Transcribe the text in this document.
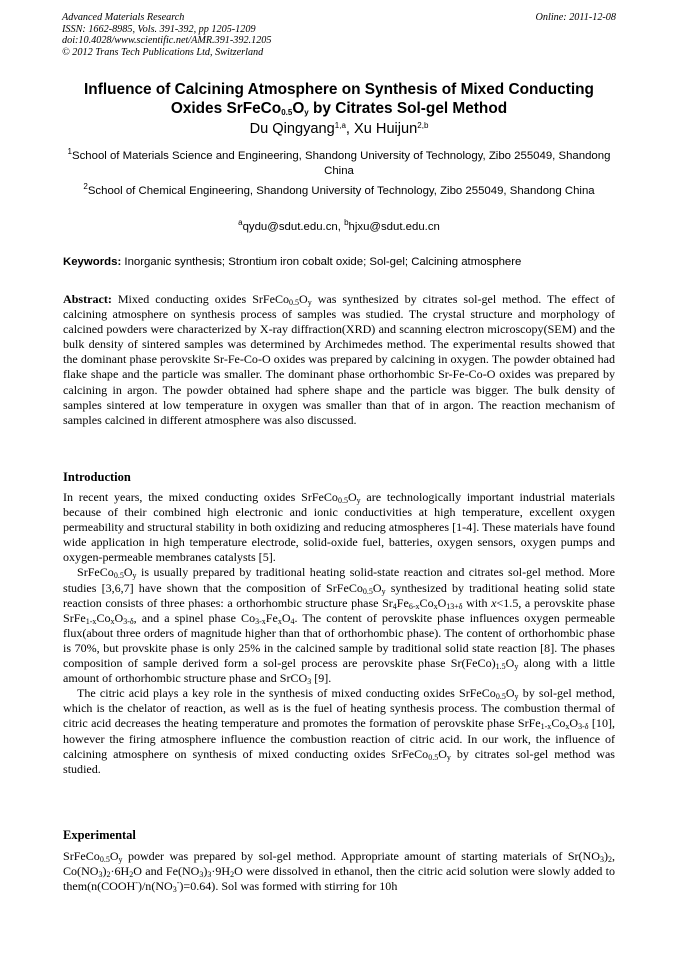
Advanced Materials Research
ISSN: 1662-8985, Vols. 391-392, pp 1205-1209
doi:10.4028/www.scientific.net/AMR.391-392.1205
© 2012 Trans Tech Publications Ltd, Switzerland
Online: 2011-12-08
Influence of Calcining Atmosphere on Synthesis of Mixed Conducting
Oxides $SrFeCo_{0.5}O_y$ by Citrates Sol-gel Method
Du Qingyang$^{1,a}$, Xu Huijun$^{2,b}$
$^1$School of Materials Science and Engineering, Shandong University of Technology, Zibo 255049, Shandong China
$^2$School of Chemical Engineering, Shandong University of Technology, Zibo 255049, Shandong China
$^a$qydu@sdut.edu.cn, $^b$hjxu@sdut.edu.cn
Keywords: Inorganic synthesis; Strontium iron cobalt oxide; Sol-gel; Calcining atmosphere
Abstract: Mixed conducting oxides $SrFeCo_{0.5}O_y$ was synthesized by citrates sol-gel method. The effect of calcining atmosphere on synthesis process of samples was studied. The crystal structure and morphology of calcined powders were characterized by X-ray diffraction(XRD) and scanning electron microscopy(SEM) and the bulk density of sintered samples was determined by Archimedes method. The experimental results showed that the dominant phase perovskite Sr-Fe-Co-O oxides was prepared by calcining in oxygen. The powder obtained had flake shape and the particle was smaller. The dominant phase orthorhombic Sr-Fe-Co-O oxides was prepared by calcining in argon. The powder obtained had sphere shape and the particle was bigger. The bulk density of samples sintered at low temperature in oxygen was smaller than that of in argon. The reaction mechanism of samples calcined in different atmosphere was also discussed.
Introduction

In recent years, the mixed conducting oxides $SrFeCo_{0.5}O_y$ are technologically important industrial materials because of their combined high electronic and ionic conductivities at high temperature, excellent oxygen permeability and structural stability in both oxidizing and reducing atmospheres [1-4]. These materials have found wide application in high temperature electrode, solid-oxide fuel, batteries, oxygen sensors, oxygen pumps and oxygen-permeable membranes catalysts [5].

$SrFeCo_{0.5}O_y$ is usually prepared by traditional heating solid-state reaction and citrates sol-gel method. More studies [3,6,7] have shown that the composition of $SrFeCo_{0.5}O_y$ synthesized by traditional heating solid state reaction consists of three phases: a orthorhombic structure phase $Sr_4Fe_{6-x}Co_xO_{13+\delta}$ with x<1.5, a perovskite phase $SrFe_{1-x}Co_xO_{3-\delta}$, and a spinel phase $Co_{3-x}Fe_xO_4$. The content of perovskite phase influences oxygen permeable flux(about three orders of magnitude higher than that of orthorhombic phase). The content of orthorhombic phase is 70%, but provskite phase is only 25% in the calcined sample by traditional solid state reaction [8]. The phases composition of sample derived form a sol-gel process are perovskite phase $Sr(FeCo)_{1.5}O_y$ along with a little amount of orthorhombic structure phase and SrCO$_3$ [9].

The citric acid plays a key role in the synthesis of mixed conducting oxides $SrFeCo_{0.5}O_y$ by sol-gel method, which is the chelator of reaction, as well as is the fuel of heating synthesis process. The combustion thermal of citric acid decreases the heating temperature and promotes the formation of perovskite phase $SrFe_{1-x}Co_xO_{3-\delta}$ [10], however the firing atmosphere influence the combustion reaction of citric acid. In our work, the influence of calcining atmosphere on synthesis of mixed conducting oxides $SrFeCo_{0.5}O_y$ by citrates sol-gel method was studied.

Experimental
$SrFeCo_{0.5}O_y$ powder was prepared by sol-gel method. Appropriate amount of starting materials of $Sr(NO_3)_2$, $Co(NO_3)_2\cdot 6H_2O$ and $Fe(NO_3)_3\cdot 9H_2O$ were dissolved in ethanol, then the citric acid solution were slowly added to $them(n(COOH^-)/n(NO_3^-)=0.64)$. Sol was formed with stirring for 10h
